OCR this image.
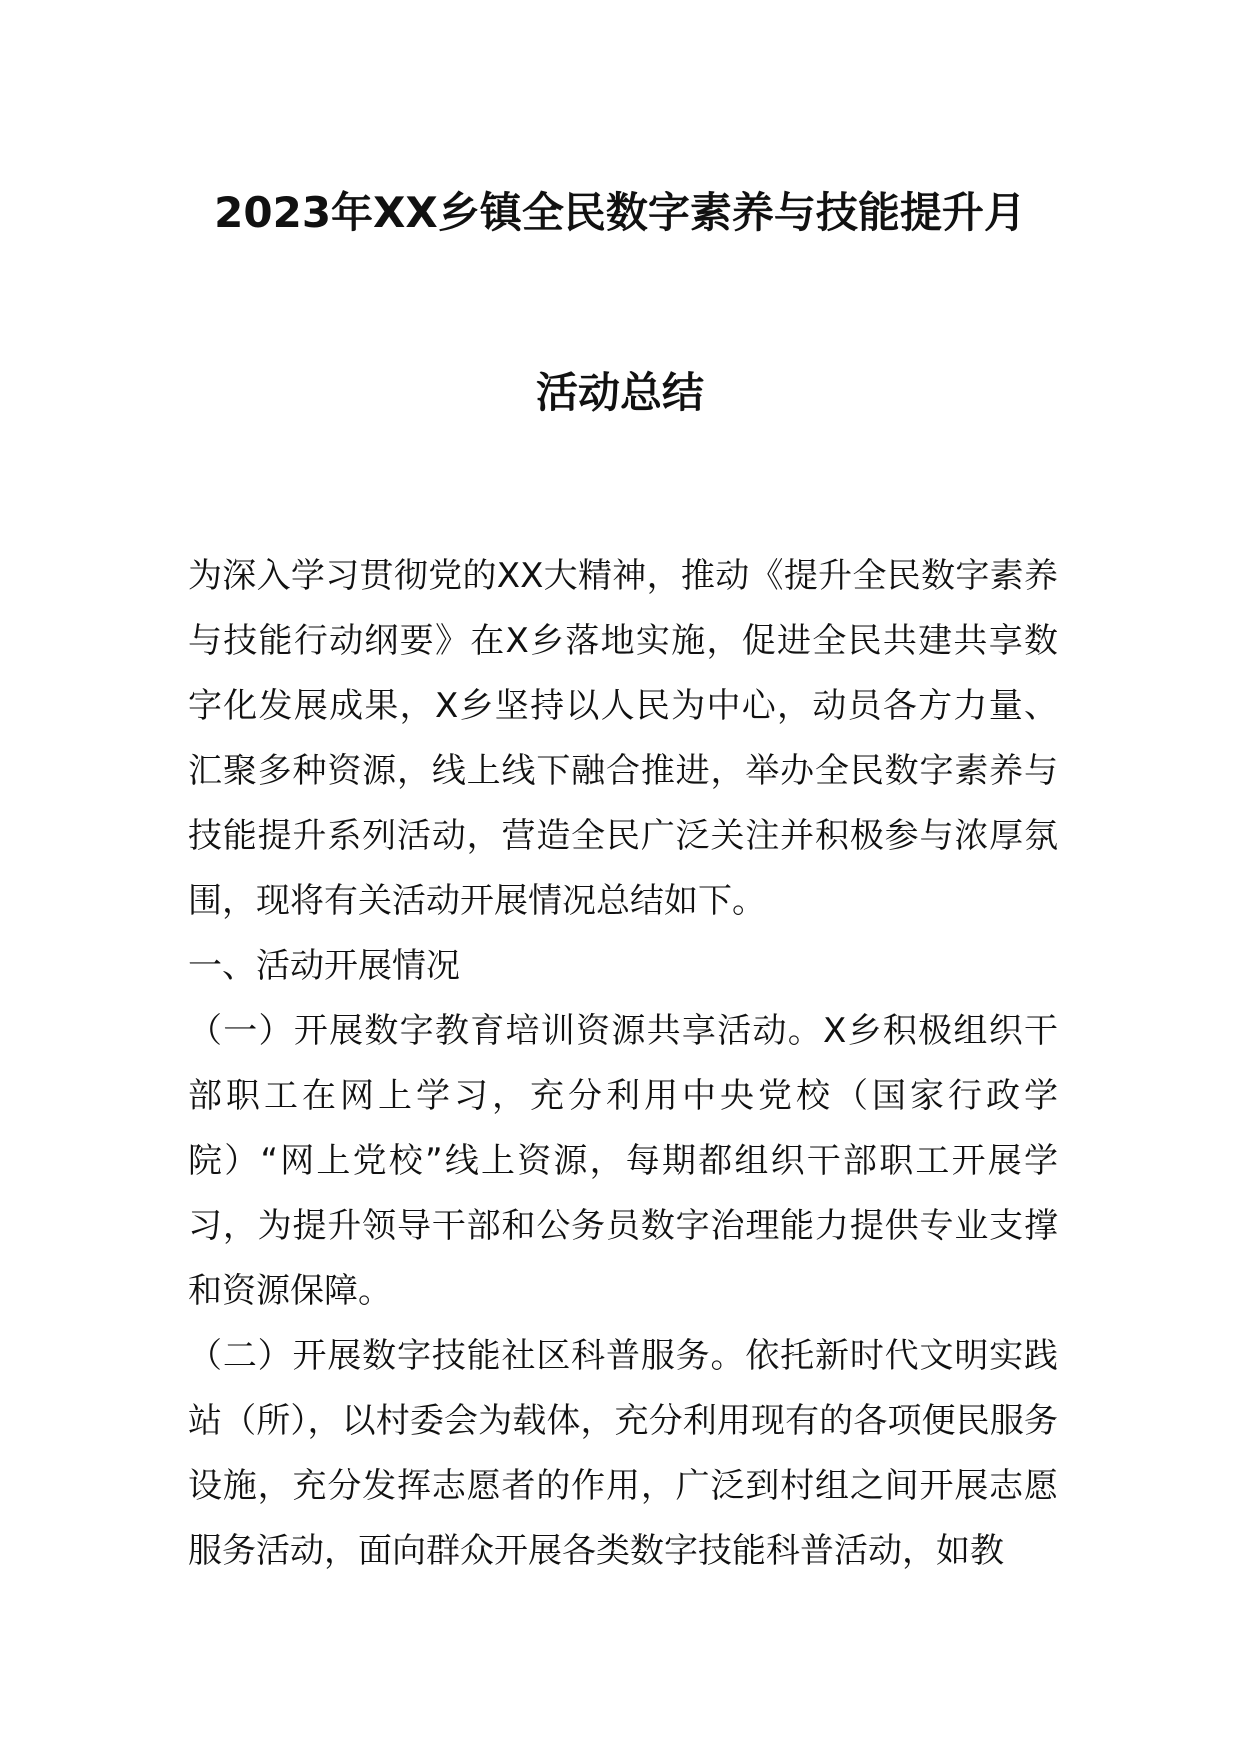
2023年XX乡镇全民数字素养与技能提升月
活动总结

为深入学习贯彻党的XX大精神，推动《提升全民数字素养与技能行动纲要》在X乡落地实施，促进全民共建共享数字化发展成果，X乡坚持以人民为中心，动员各方力量、汇聚多种资源，线上线下融合推进，举办全民数字素养与技能提升系列活动，营造全民广泛关注并积极参与浓厚氛围，现将有关活动开展情况总结如下。

一、活动开展情况

（一）开展数字教育培训资源共享活动。X乡积极组织干部职工在网上学习，充分利用中央党校（国家行政学院）“网上党校”线上资源，每期都组织干部职工开展学习，为提升领导干部和公务员数字治理能力提供专业支撑和资源保障。

（二）开展数字技能社区科普服务。依托新时代文明实践站（所），以村委会为载体，充分利用现有的各项便民服务设施，充分发挥志愿者的作用，广泛到村组之间开展志愿服务活动，面向群众开展各类数字技能科普活动，如教
